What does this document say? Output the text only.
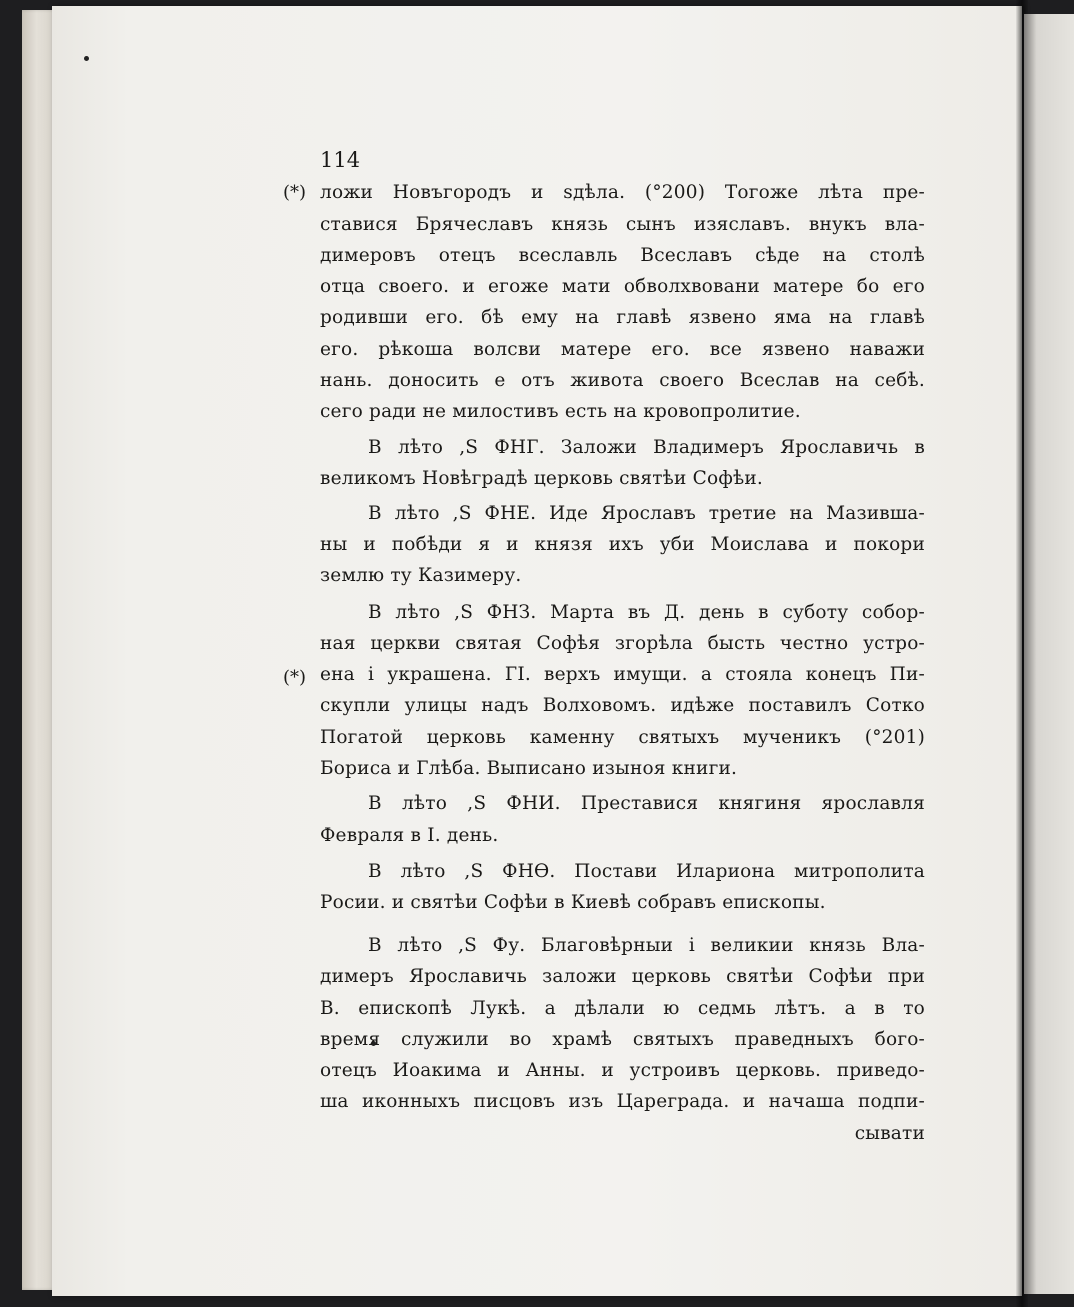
114
(*)
(*)
ложи Новъгородъ и ѕдѣла. (°200) Тогоже лѣта пре-
ставися Брячеславъ князь сынъ изяславъ. внукъ вла-
димеровъ отецъ всеславль Всеславъ сѣде на столѣ
отца своего. и егоже мати обволхвовани матере бо его
родивши его. бѣ ему на главѣ язвено яма на главѣ
его. рѣкоша волсви матере его. все язвено наважи
нань. доносить е отъ живота своего Всеслав на себѣ.
сего ради не милостивъ есть на кровопролитие.
В лѣто ,Ѕ ФНГ. Заложи Владимеръ Ярославичь в
великомъ Новѣградѣ церковь святѣи Софѣи.
В лѣто ,Ѕ ФНЕ. Иде Ярославъ третие на Мазивша-
ны и побѣди я и князя ихъ уби Моислава и покори
землю ту Казимеру.
В лѣто ,Ѕ ФНЗ. Марта въ Д. день в суботу собор-
ная церкви святая Софѣя згорѣла бысть честно устро-
ена і украшена. ГІ. верхъ имущи. а стояла конецъ Пи-
скупли улицы надъ Волховомъ. идѣже поставилъ Сотко
Погатой церковь каменну святыхъ мученикъ (°201)
Бориса и Глѣба. Выписано изыноя книги.
В лѣто ,Ѕ ФНИ. Преставися княгиня ярославля
Февраля в І. день.
В лѣто ,Ѕ ФНѲ. Постави Илариона митрополита
Росии. и святѣи Софѣи в Киевѣ собравъ епископы.
В лѣто ,Ѕ Фу. Благовѣрныи і великии князь Вла-
димеръ Ярославичь заложи церковь святѣи Софѣи при
В. епископѣ Лукѣ. а дѣлали ю седмь лѣтъ. а в то
время служили во храмѣ святыхъ праведныхъ бого-
отецъ Иоакима и Анны. и устроивъ церковь. приведо-
ша иконныхъ писцовъ изъ Цареграда. и начаша подпи-
сывати
